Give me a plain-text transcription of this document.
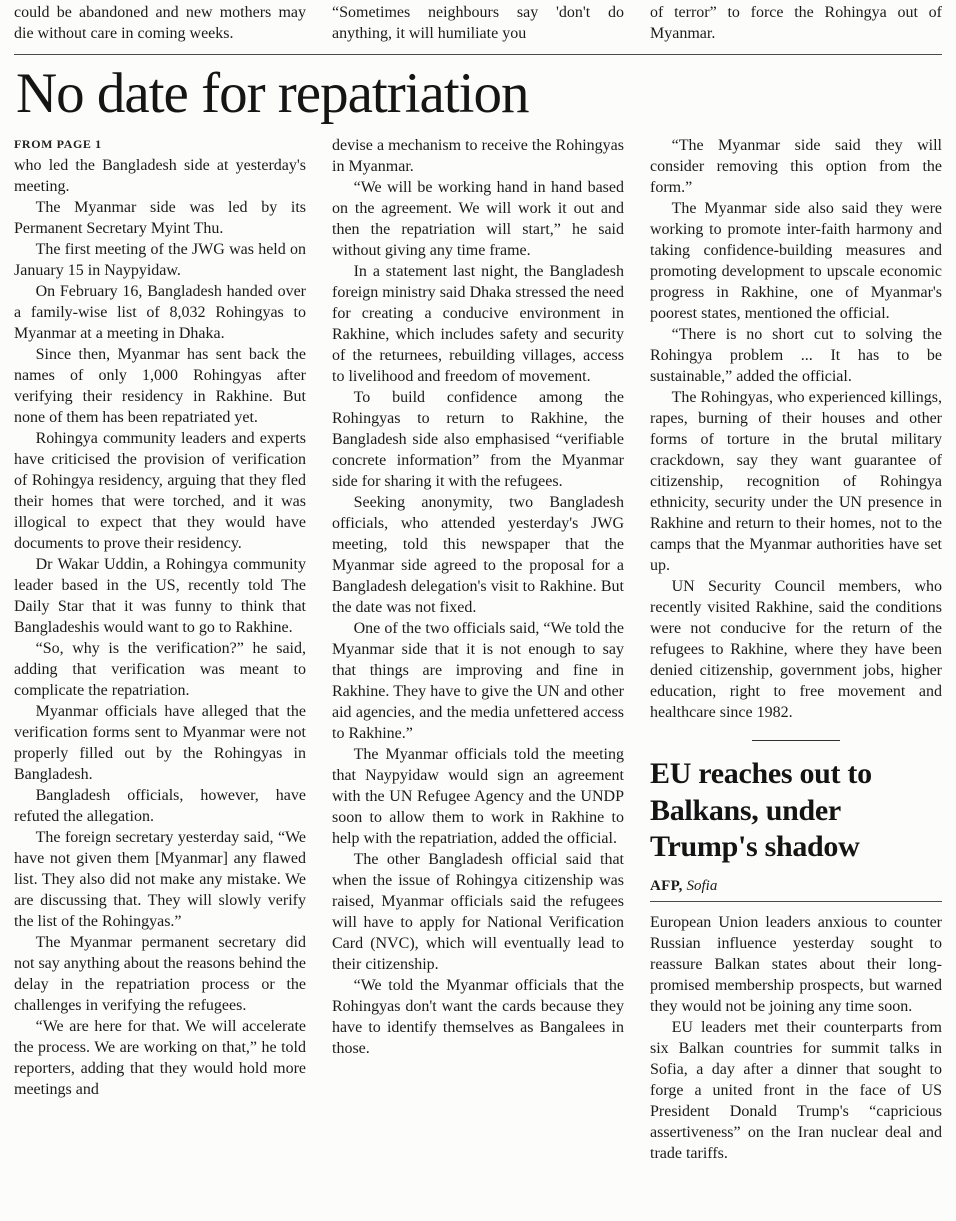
could be abandoned and new mothers may die without care in coming weeks.

“Sometimes neighbours say 'don't do anything, it will humiliate you

of terror” to force the Rohingya out of Myanmar.

No date for repatriation
FROM PAGE 1

who led the Bangladesh side at yesterday's meeting.

The Myanmar side was led by its Permanent Secretary Myint Thu.

The first meeting of the JWG was held on January 15 in Naypyidaw.

On February 16, Bangladesh handed over a family-wise list of 8,032 Rohingyas to Myanmar at a meeting in Dhaka.

Since then, Myanmar has sent back the names of only 1,000 Rohingyas after verifying their residency in Rakhine. But none of them has been repatriated yet.

Rohingya community leaders and experts have criticised the provision of verification of Rohingya residency, arguing that they fled their homes that were torched, and it was illogical to expect that they would have documents to prove their residency.

Dr Wakar Uddin, a Rohingya community leader based in the US, recently told The Daily Star that it was funny to think that Bangladeshis would want to go to Rakhine.

“So, why is the verification?” he said, adding that verification was meant to complicate the repatriation.

Myanmar officials have alleged that the verification forms sent to Myanmar were not properly filled out by the Rohingyas in Bangladesh.

Bangladesh officials, however, have refuted the allegation.

The foreign secretary yesterday said, “We have not given them [Myanmar] any flawed list. They also did not make any mistake. We are discussing that. They will slowly verify the list of the Rohingyas.”

The Myanmar permanent secretary did not say anything about the reasons behind the delay in the repatriation process or the challenges in verifying the refugees.

“We are here for that. We will accelerate the process. We are working on that,” he told reporters, adding that they would hold more meetings and

devise a mechanism to receive the Rohingyas in Myanmar.

“We will be working hand in hand based on the agreement. We will work it out and then the repatriation will start,” he said without giving any time frame.

In a statement last night, the Bangladesh foreign ministry said Dhaka stressed the need for creating a conducive environment in Rakhine, which includes safety and security of the returnees, rebuilding villages, access to livelihood and freedom of movement.

To build confidence among the Rohingyas to return to Rakhine, the Bangladesh side also emphasised “verifiable concrete information” from the Myanmar side for sharing it with the refugees.

Seeking anonymity, two Bangladesh officials, who attended yesterday's JWG meeting, told this newspaper that the Myanmar side agreed to the proposal for a Bangladesh delegation's visit to Rakhine. But the date was not fixed.

One of the two officials said, “We told the Myanmar side that it is not enough to say that things are improving and fine in Rakhine. They have to give the UN and other aid agencies, and the media unfettered access to Rakhine.”

The Myanmar officials told the meeting that Naypyidaw would sign an agreement with the UN Refugee Agency and the UNDP soon to allow them to work in Rakhine to help with the repatriation, added the official.

The other Bangladesh official said that when the issue of Rohingya citizenship was raised, Myanmar officials said the refugees will have to apply for National Verification Card (NVC), which will eventually lead to their citizenship.

“We told the Myanmar officials that the Rohingyas don't want the cards because they have to identify themselves as Bangalees in those.

“The Myanmar side said they will consider removing this option from the form.”

The Myanmar side also said they were working to promote inter-faith harmony and taking confidence-building measures and promoting development to upscale economic progress in Rakhine, one of Myanmar's poorest states, mentioned the official.

“There is no short cut to solving the Rohingya problem ... It has to be sustainable,” added the official.

The Rohingyas, who experienced killings, rapes, burning of their houses and other forms of torture in the brutal military crackdown, say they want guarantee of citizenship, recognition of Rohingya ethnicity, security under the UN presence in Rakhine and return to their homes, not to the camps that the Myanmar authorities have set up.

UN Security Council members, who recently visited Rakhine, said the conditions were not conducive for the return of the refugees to Rakhine, where they have been denied citizenship, government jobs, higher education, right to free movement and healthcare since 1982.

EU reaches out to Balkans, under Trump's shadow
AFP, Sofia

European Union leaders anxious to counter Russian influence yesterday sought to reassure Balkan states about their long-promised membership prospects, but warned they would not be joining any time soon.

EU leaders met their counterparts from six Balkan countries for summit talks in Sofia, a day after a dinner that sought to forge a united front in the face of US President Donald Trump's “capricious assertiveness” on the Iran nuclear deal and trade tariffs.
